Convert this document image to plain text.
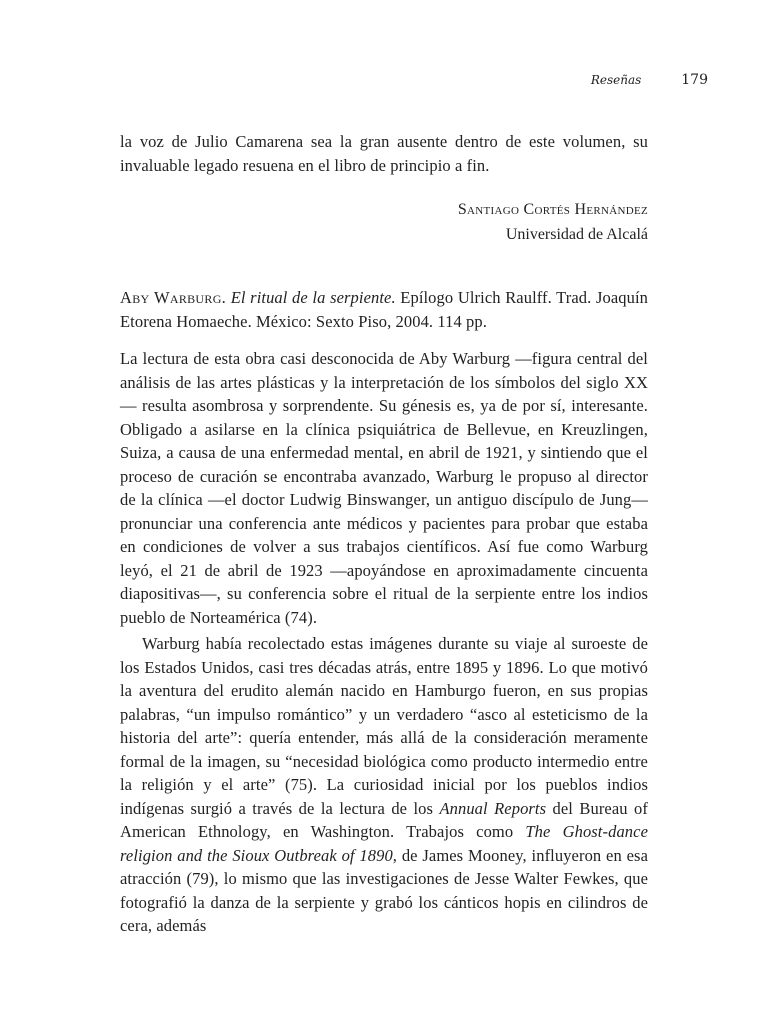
Reseñas	179

la voz de Julio Camarena sea la gran ausente dentro de este volumen, su invaluable legado resuena en el libro de principio a fin.

Santiago Cortés Hernández
Universidad de Alcalá

Aby Warburg. El ritual de la serpiente. Epílogo Ulrich Raulff. Trad. Joaquín Etorena Homaeche. México: Sexto Piso, 2004. 114 pp.

La lectura de esta obra casi desconocida de Aby Warburg —figura central del análisis de las artes plásticas y la interpretación de los símbolos del siglo XX— resulta asombrosa y sorprendente. Su génesis es, ya de por sí, interesante. Obligado a asilarse en la clínica psiquiátrica de Bellevue, en Kreuzlingen, Suiza, a causa de una enfermedad mental, en abril de 1921, y sintiendo que el proceso de curación se encontraba avanzado, Warburg le propuso al director de la clínica —el doctor Ludwig Binswanger, un antiguo discípulo de Jung— pronunciar una conferencia ante médicos y pacientes para probar que estaba en condiciones de volver a sus trabajos científicos. Así fue como Warburg leyó, el 21 de abril de 1923 —apoyándose en aproximadamente cincuenta diapositivas—, su conferencia sobre el ritual de la serpiente entre los indios pueblo de Norteamérica (74).

Warburg había recolectado estas imágenes durante su viaje al suroeste de los Estados Unidos, casi tres décadas atrás, entre 1895 y 1896. Lo que motivó la aventura del erudito alemán nacido en Hamburgo fueron, en sus propias palabras, “un impulso romántico” y un verdadero “asco al esteticismo de la historia del arte”: quería entender, más allá de la consideración meramente formal de la imagen, su “necesidad biológica como producto intermedio entre la religión y el arte” (75). La curiosidad inicial por los pueblos indios indígenas surgió a través de la lectura de los Annual Reports del Bureau of American Ethnology, en Washington. Trabajos como The Ghost-dance religion and the Sioux Outbreak of 1890, de James Mooney, influyeron en esa atracción (79), lo mismo que las investigaciones de Jesse Walter Fewkes, que fotografió la danza de la serpiente y grabó los cánticos hopis en cilindros de cera, además
